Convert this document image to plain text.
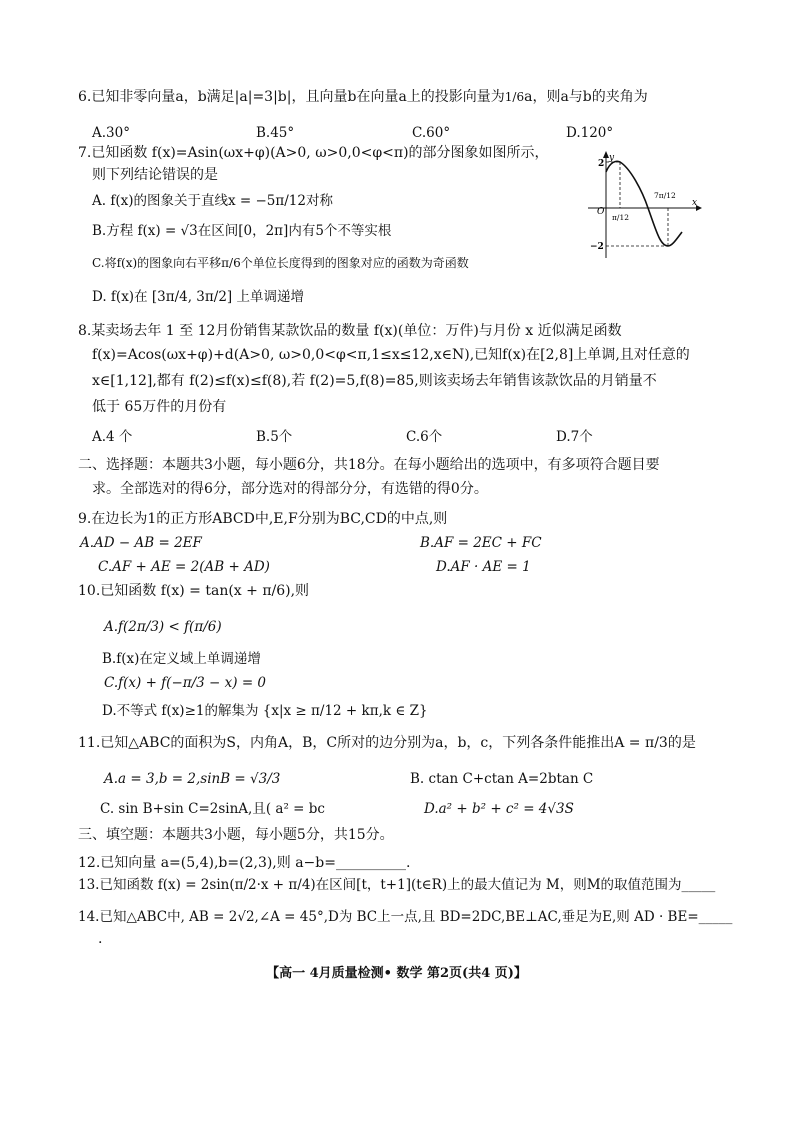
6.已知非零向量a，b满足|a|=3|b|，且向量b在向量a上的投影向量为1/6a，则a与b的夹角为
A.30°	B.45°	C.60°	D.120°
7.已知函数 f(x)=Asin(ωx+φ)(A>0, ω>0,0<φ<π)的部分图象如图所示，
则下列结论错误的是
A. f(x)的图象关于直线x = −5π/12对称
B.方程 f(x) = √3在区间[0，2π]内有5个不等实根
C.将f(x)的图象向右平移π/6个单位长度得到的图象对应的函数为奇函数
D. f(x)在 [3π/4, 3π/2] 上单调递增
y
x
O
2
−2
π/12
7π/12
8.某卖场去年 1 至 12月份销售某款饮品的数量 f(x)(单位：万件)与月份 x 近似满足函数
f(x)=Acos(ωx+φ)+d(A>0, ω>0,0<φ<π,1≤x≤12,x∈N),已知f(x)在[2,8]上单调,且对任意的
x∈[1,12],都有 f(2)≤f(x)≤f(8),若 f(2)=5,f(8)=85,则该卖场去年销售该款饮品的月销量不
低于 65万件的月份有
A.4 个	B.5个	C.6个	D.7个
二、选择题：本题共3小题，每小题6分，共18分。在每小题给出的选项中，有多项符合题目要
求。全部选对的得6分，部分选对的得部分分，有选错的得0分。
9.在边长为1的正方形ABCD中,E,F分别为BC,CD的中点,则
A.AD − AB = 2EF	B.AF = 2EC + FC
C.AF + AE = 2(AB + AD)	D.AF · AE = 1
10.已知函数 f(x) = tan(x + π/6),则
A.f(2π/3) < f(π/6)
B.f(x)在定义域上单调递增
C.f(x) + f(−π/3 − x) = 0
D.不等式 f(x)≥1的解集为 {x|x ≥ π/12 + kπ,k ∈ Z}
11.已知△ABC的面积为S，内角A，B，C所对的边分别为a，b，c，下列各条件能推出A = π/3的是
A.a = 3,b = 2,sinB = √3/3	B. ctan C+ctan A=2btan C
C. sin B+sin C=2sinA,且( a² = bc	D.a² + b² + c² = 4√3S
三、填空题：本题共3小题，每小题5分，共15分。
12.已知向量 a=(5,4),b=(2,3),则 a−b=__________.
13.已知函数 f(x) = 2sin(π/2·x + π/4)在区间[t，t+1](t∈R)上的最大值记为 M，则M的取值范围为_____
14.已知△ABC中, AB = 2√2,∠A = 45°,D为 BC上一点,且 BD=2DC,BE⊥AC,垂足为E,则 AD · BE=_____
.
【高一 4月质量检测• 数学 第2页(共4 页)】
